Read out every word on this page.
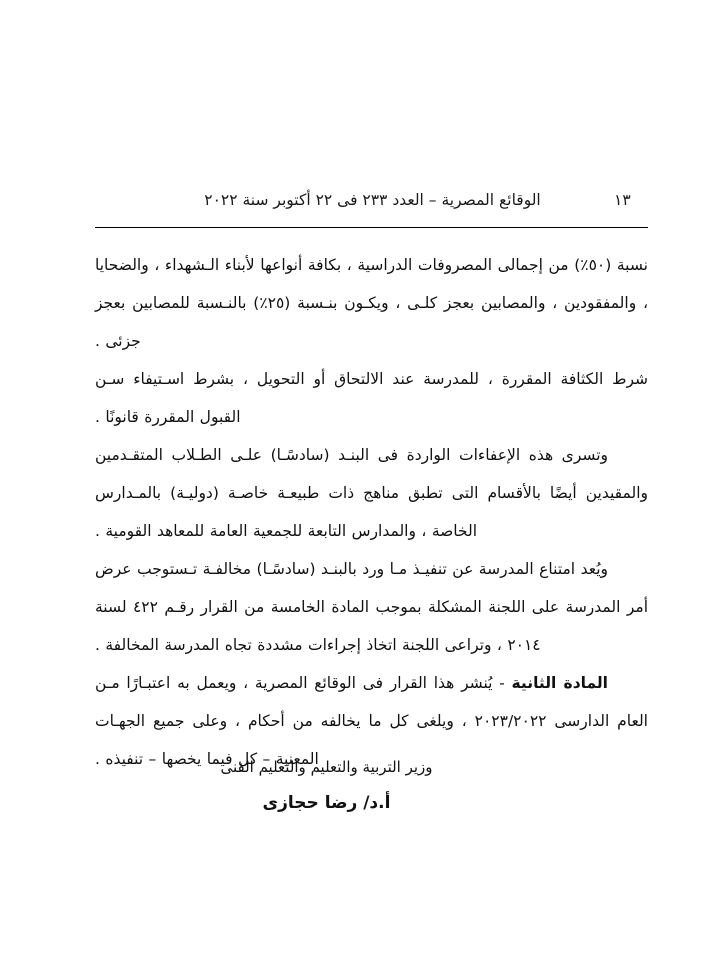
١٣
الوقائع المصرية – العدد ٢٣٣ فى ٢٢ أكتوبر سنة ٢٠٢٢

نسبة (٥٠٪) من إجمالى المصروفات الدراسية ، بكافة أنواعها لأبناء الـشهداء ، والضحايا ، والمفقودين ، والمصابين بعجز كلـى ، ويكـون بنـسبة (٢٥٪) بالنـسبة للمصابين بعجز جزئى .

شرط الكثافة المقررة ، للمدرسة عند الالتحاق أو التحويل ، بشرط اسـتيفاء سـن القبول المقررة قانونًا .

وتسرى هذه الإعفاءات الواردة فى البنـد (سادسًـا) علـى الطـلاب المتقـدمين والمقيدين أيضًا بالأقسام التى تطبق مناهج ذات طبيعـة خاصـة (دوليـة) بالمـدارس الخاصة ، والمدارس التابعة للجمعية العامة للمعاهد القومية .

ويُعد امتناع المدرسة عن تنفيـذ مـا ورد بالبنـد (سادسًـا) مخالفـة تـستوجب عرض أمر المدرسة على اللجنة المشكلة بموجب المادة الخامسة من القرار رقـم ٤٢٢ لسنة ٢٠١٤ ، وتراعى اللجنة اتخاذ إجراءات مشددة تجاه المدرسة المخالفة .

المادة الثانية - يُنشر هذا القرار فى الوقائع المصرية ، ويعمل به اعتبـارًا مـن العام الدارسى ٢٠٢٣/٢٠٢٢ ، ويلغى كل ما يخالفه من أحكام ، وعلى جميع الجهـات المعنية – كل فيما يخصها – تنفيذه .

وزير التربية والتعليم والتعليم الفنى
أ.د/ رضا حجازى
